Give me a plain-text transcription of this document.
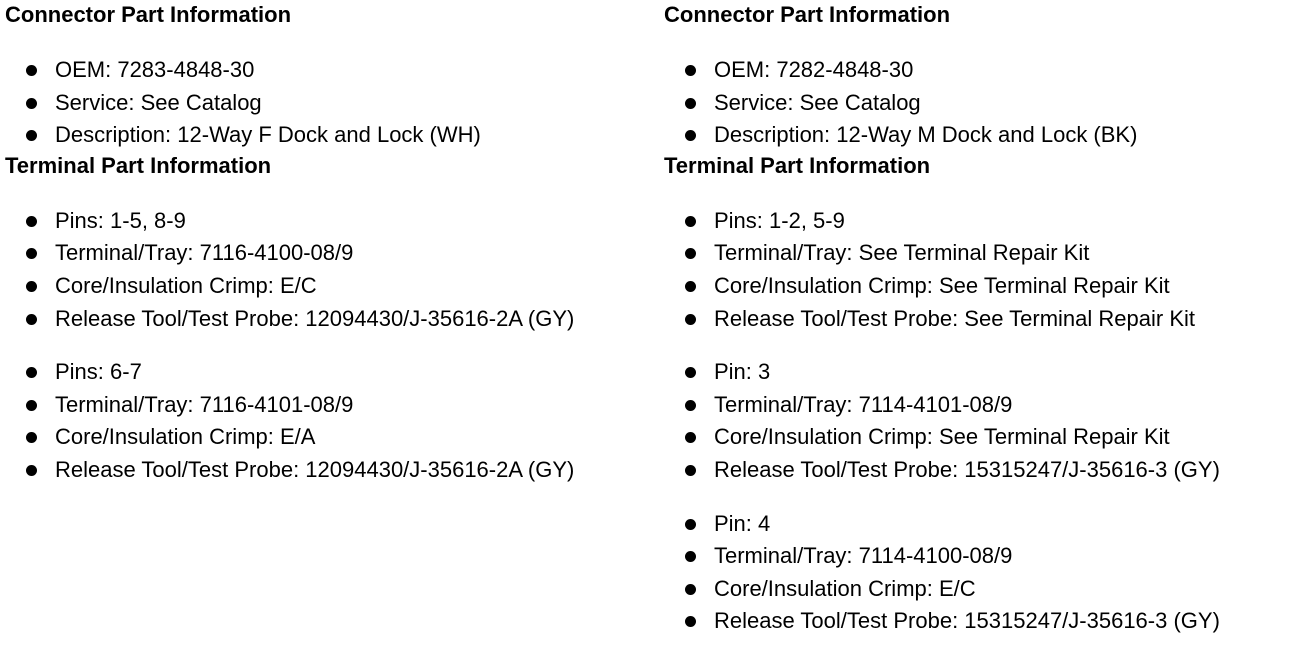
Connector Part Information
OEM: 7283-4848-30
Service: See Catalog
Description: 12-Way F Dock and Lock (WH)
Terminal Part Information
Pins: 1-5, 8-9
Terminal/Tray: 7116-4100-08/9
Core/Insulation Crimp: E/C
Release Tool/Test Probe: 12094430/J-35616-2A (GY)
Pins: 6-7
Terminal/Tray: 7116-4101-08/9
Core/Insulation Crimp: E/A
Release Tool/Test Probe: 12094430/J-35616-2A (GY)
Connector Part Information
OEM: 7282-4848-30
Service: See Catalog
Description: 12-Way M Dock and Lock (BK)
Terminal Part Information
Pins: 1-2, 5-9
Terminal/Tray: See Terminal Repair Kit
Core/Insulation Crimp: See Terminal Repair Kit
Release Tool/Test Probe: See Terminal Repair Kit
Pin: 3
Terminal/Tray: 7114-4101-08/9
Core/Insulation Crimp: See Terminal Repair Kit
Release Tool/Test Probe: 15315247/J-35616-3 (GY)
Pin: 4
Terminal/Tray: 7114-4100-08/9
Core/Insulation Crimp: E/C
Release Tool/Test Probe: 15315247/J-35616-3 (GY)
